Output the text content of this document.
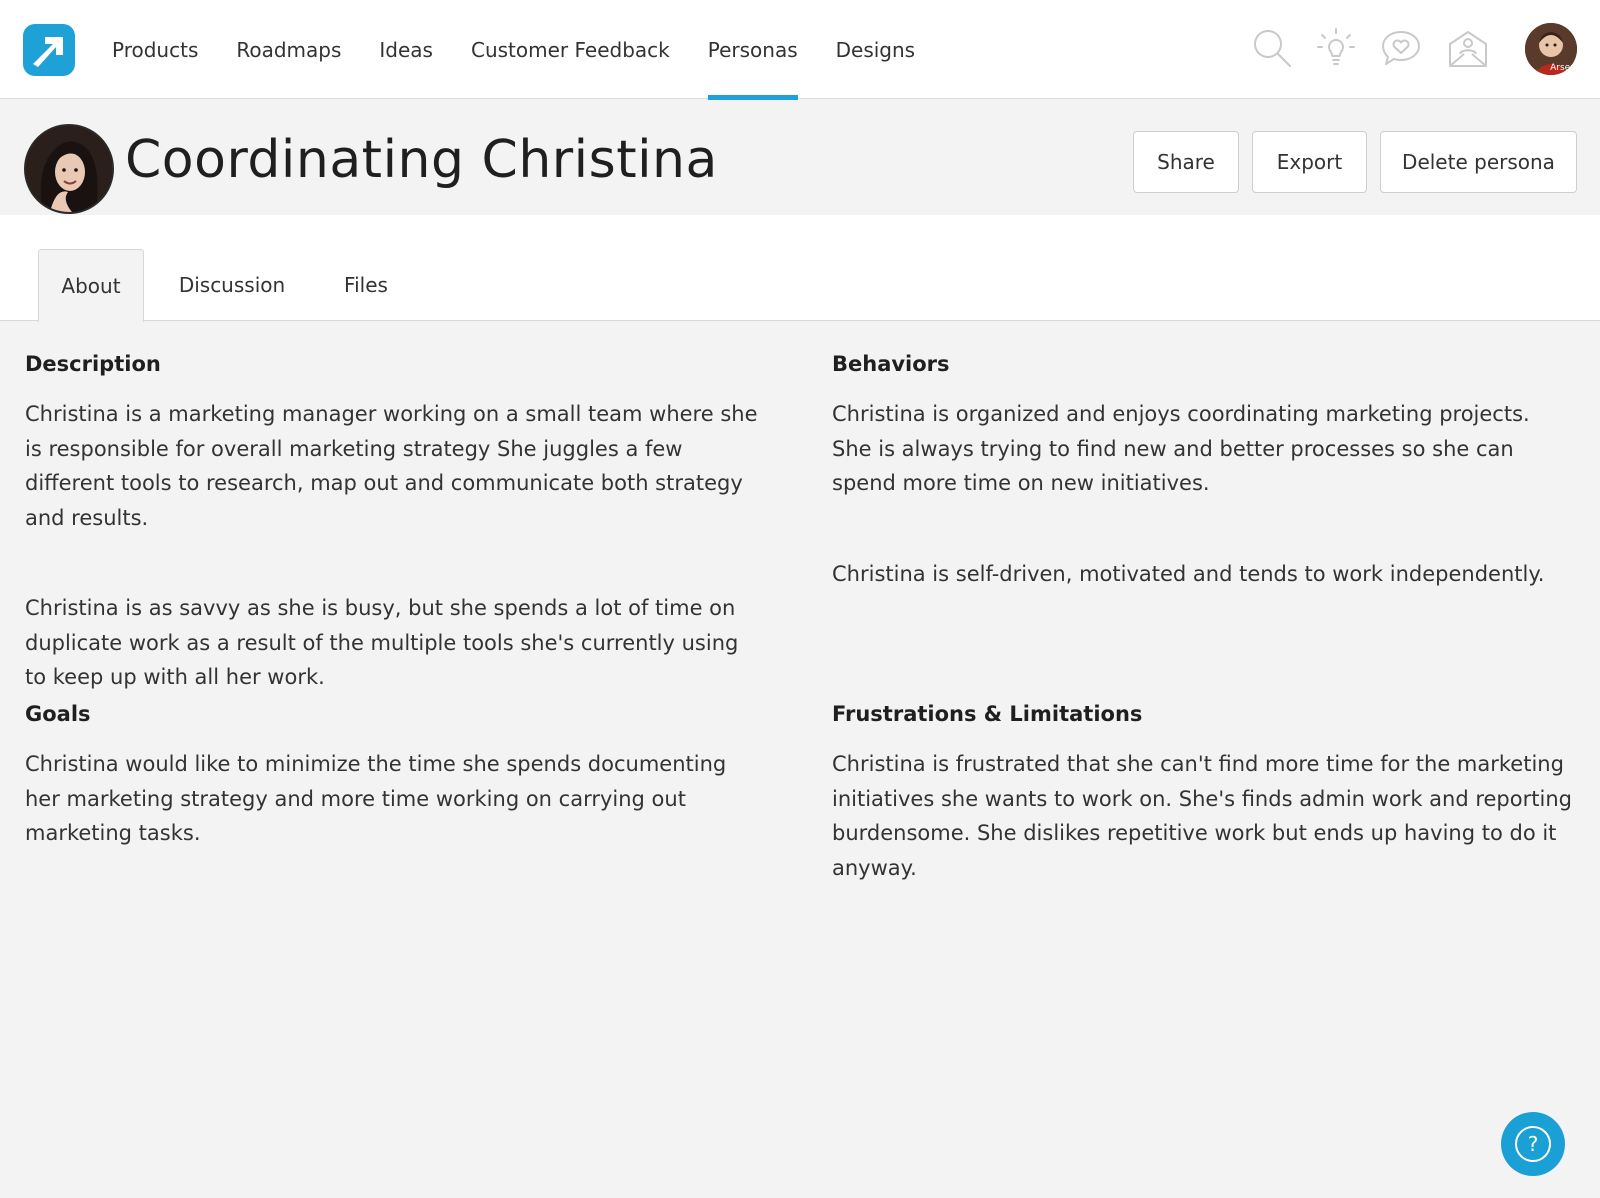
Products Roadmaps Ideas Customer Feedback Personas Designs
Arsen
Coordinating Christina	Share	Export	Delete persona
About	Discussion	Files
Description

Christina is a marketing manager working on a small team where she is responsible for overall marketing strategy She juggles a few different tools to research, map out and communicate both strategy and results.

Christina is as savvy as she is busy, but she spends a lot of time on duplicate work as a result of the multiple tools she's currently using to keep up with all her work.

Behaviors

Christina is organized and enjoys coordinating marketing projects. She is always trying to find new and better processes so she can spend more time on new initiatives.

Christina is self-driven, motivated and tends to work independently.

Goals

Christina would like to minimize the time she spends documenting her marketing strategy and more time working on carrying out marketing tasks.

Frustrations & Limitations

Christina is frustrated that she can't find more time for the marketing initiatives she wants to work on. She's finds admin work and reporting burdensome. She dislikes repetitive work but ends up having to do it anyway.

?
